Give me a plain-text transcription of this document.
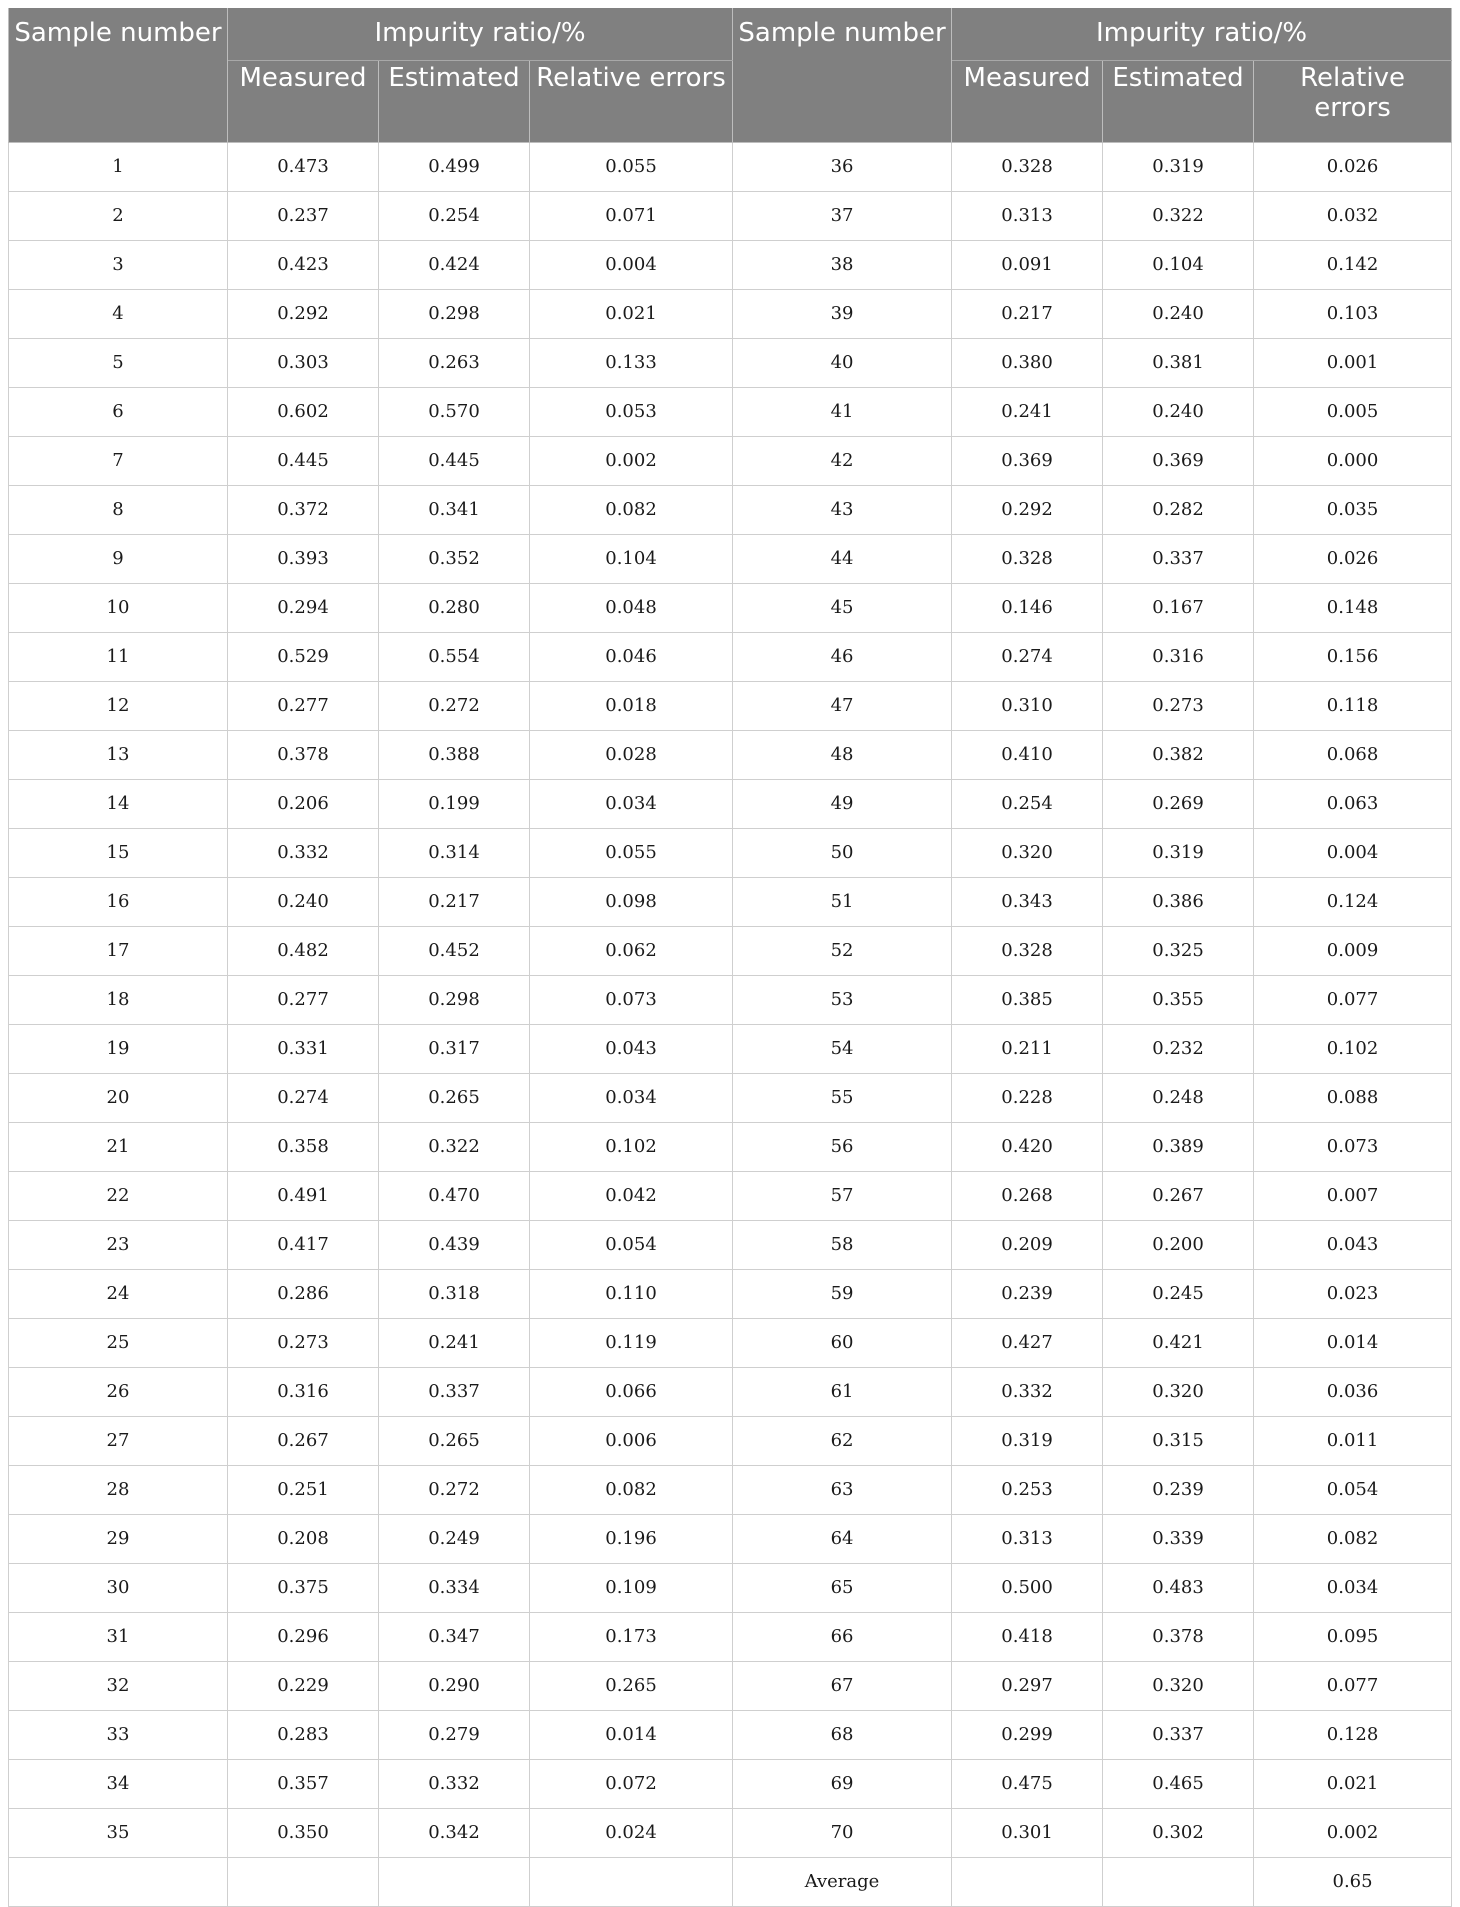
Sample number	Impurity ratio/%			Sample number	Impurity ratio/%		
	Measured	Estimated	Relative errors		Measured	Estimated	Relative errors
1	0.473	0.499	0.055	36	0.328	0.319	0.026
2	0.237	0.254	0.071	37	0.313	0.322	0.032
3	0.423	0.424	0.004	38	0.091	0.104	0.142
4	0.292	0.298	0.021	39	0.217	0.240	0.103
5	0.303	0.263	0.133	40	0.380	0.381	0.001
6	0.602	0.570	0.053	41	0.241	0.240	0.005
7	0.445	0.445	0.002	42	0.369	0.369	0.000
8	0.372	0.341	0.082	43	0.292	0.282	0.035
9	0.393	0.352	0.104	44	0.328	0.337	0.026
10	0.294	0.280	0.048	45	0.146	0.167	0.148
11	0.529	0.554	0.046	46	0.274	0.316	0.156
12	0.277	0.272	0.018	47	0.310	0.273	0.118
13	0.378	0.388	0.028	48	0.410	0.382	0.068
14	0.206	0.199	0.034	49	0.254	0.269	0.063
15	0.332	0.314	0.055	50	0.320	0.319	0.004
16	0.240	0.217	0.098	51	0.343	0.386	0.124
17	0.482	0.452	0.062	52	0.328	0.325	0.009
18	0.277	0.298	0.073	53	0.385	0.355	0.077
19	0.331	0.317	0.043	54	0.211	0.232	0.102
20	0.274	0.265	0.034	55	0.228	0.248	0.088
21	0.358	0.322	0.102	56	0.420	0.389	0.073
22	0.491	0.470	0.042	57	0.268	0.267	0.007
23	0.417	0.439	0.054	58	0.209	0.200	0.043
24	0.286	0.318	0.110	59	0.239	0.245	0.023
25	0.273	0.241	0.119	60	0.427	0.421	0.014
26	0.316	0.337	0.066	61	0.332	0.320	0.036
27	0.267	0.265	0.006	62	0.319	0.315	0.011
28	0.251	0.272	0.082	63	0.253	0.239	0.054
29	0.208	0.249	0.196	64	0.313	0.339	0.082
30	0.375	0.334	0.109	65	0.500	0.483	0.034
31	0.296	0.347	0.173	66	0.418	0.378	0.095
32	0.229	0.290	0.265	67	0.297	0.320	0.077
33	0.283	0.279	0.014	68	0.299	0.337	0.128
34	0.357	0.332	0.072	69	0.475	0.465	0.021
35	0.350	0.342	0.024	70	0.301	0.302	0.002
				Average			0.65
